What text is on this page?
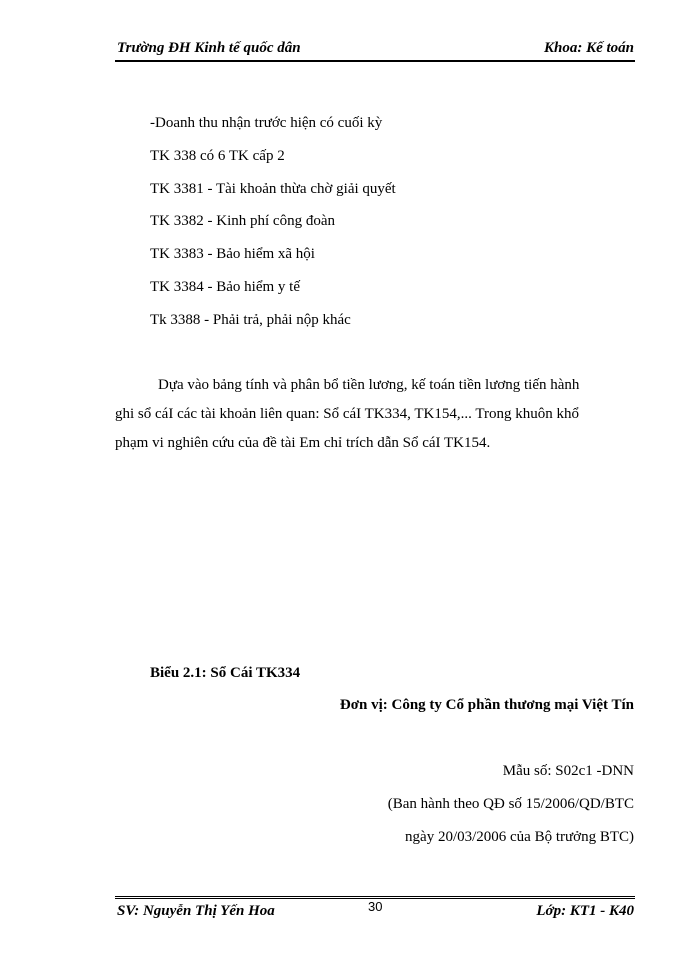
Trường ĐH Kinh tế quốc dân	Khoa: Kế toán
-Doanh thu nhận trước hiện có cuối kỳ
TK 338 có 6 TK cấp 2
TK 3381 - Tài khoản thừa chờ giải quyết
TK 3382 - Kinh phí công đoàn
TK 3383 - Bảo hiểm xã hội
TK 3384 - Bảo hiểm y tế
Tk 3388 - Phải trả, phải nộp khác
Dựa vào bảng tính và phân bổ tiền lương, kế toán tiền lương tiến hành
ghi sổ cáI các tài khoản liên quan: Sổ cáI TK334, TK154,... Trong khuôn khổ
phạm vi nghiên cứu của đề tài Em chỉ trích dẫn Sổ cáI TK154.
Biểu 2.1: Sổ Cái TK334
Đơn vị: Công ty Cổ phần thương mại Việt Tín
Mẫu số: S02c1 -DNN
(Ban hành theo QĐ số 15/2006/QD/BTC
ngày 20/03/2006 của Bộ trưởng BTC)
SV: Nguyễn Thị Yến Hoa	30	Lớp: KT1 - K40
